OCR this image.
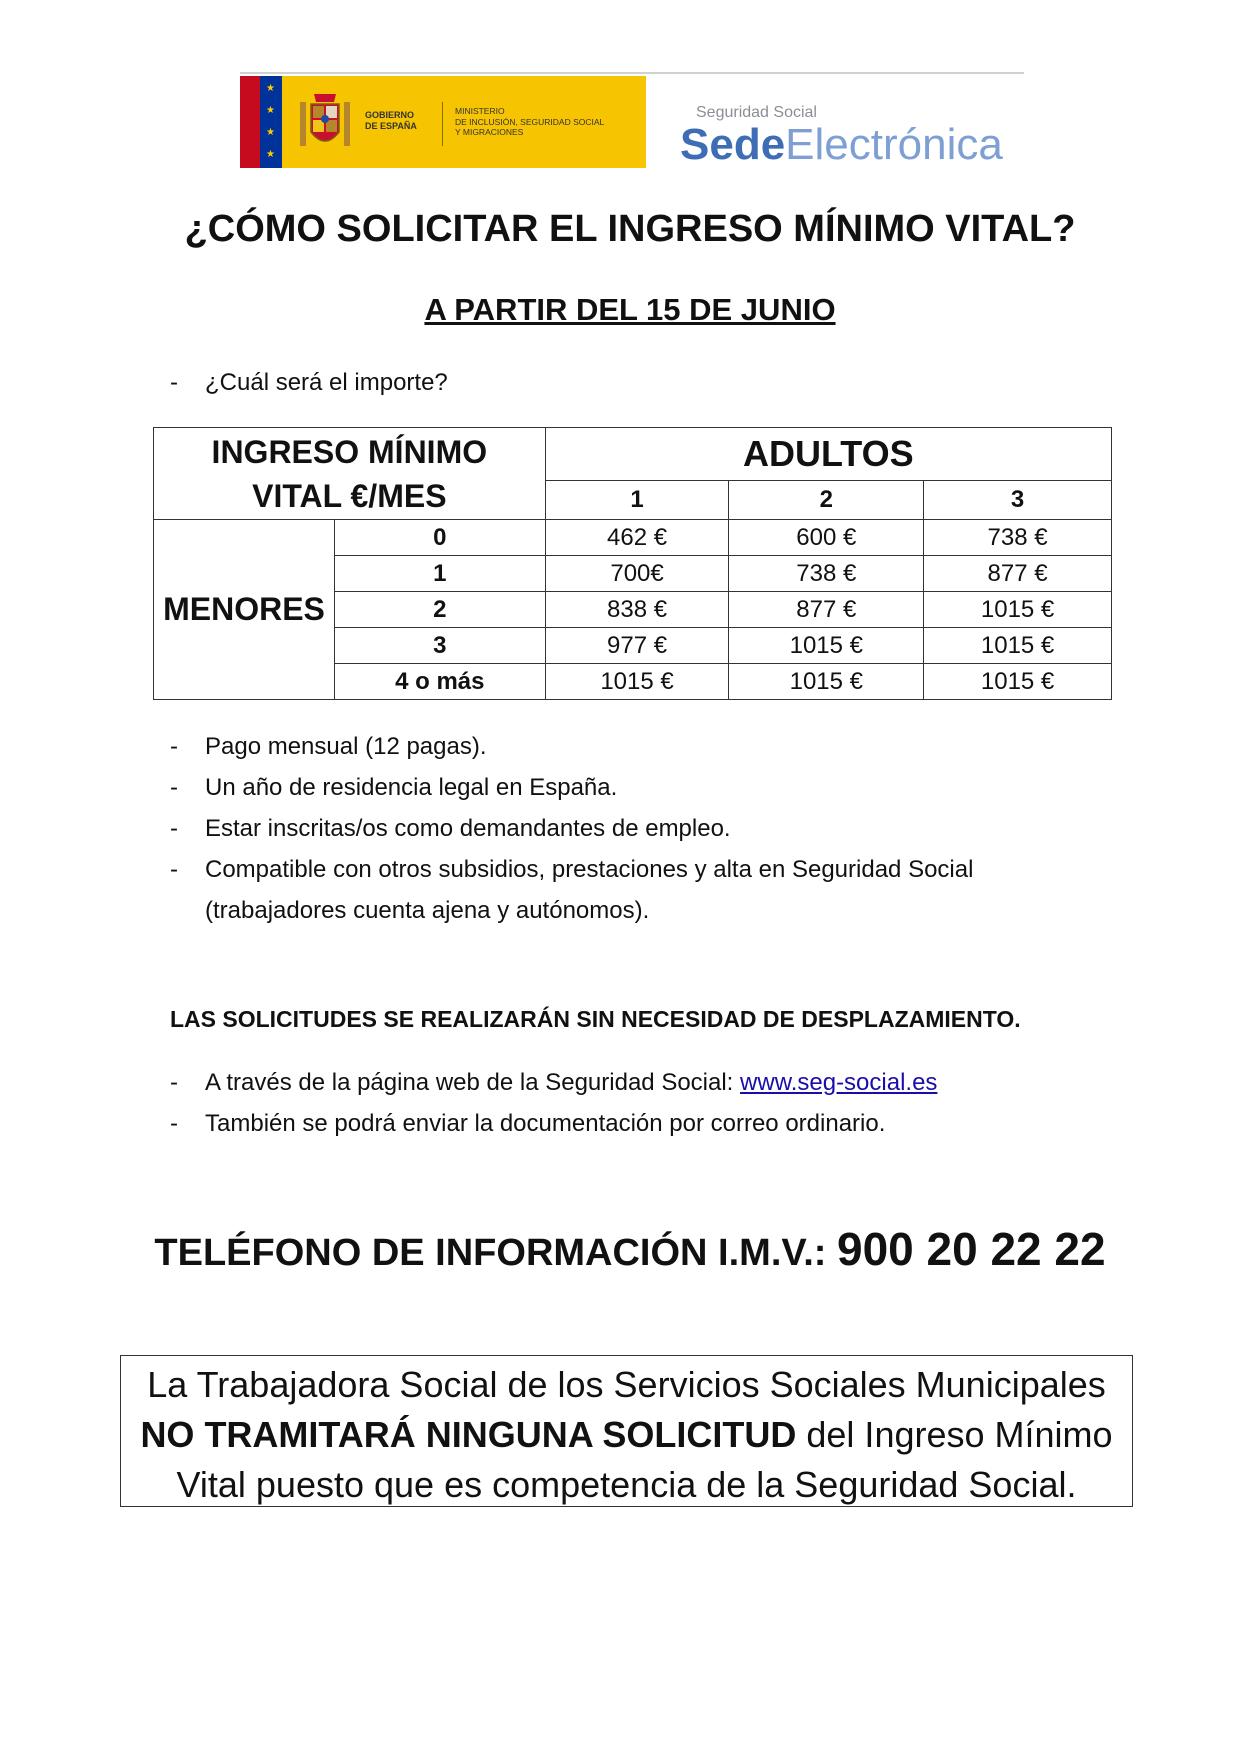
★
★
★
★
GOBIERNO
DE ESPAÑA
MINISTERIO
DE INCLUSIÓN, SEGURIDAD SOCIAL
Y MIGRACIONES
Seguridad Social
SedeElectrónica
¿CÓMO SOLICITAR EL INGRESO MÍNIMO VITAL?
A PARTIR DEL 15 DE JUNIO
- ¿Cuál será el importe?
INGRESO MÍNIMO
VITAL €/MES		ADULTOS		
		1	2	3
MENORES	0	462 €	600 €	738 €
	1	700€	738 €	877 €
	2	838 €	877 €	1015 €
	3	977 €	1015 €	1015 €
	4 o más	1015 €	1015 €	1015 €
- Pago mensual (12 pagas).
- Un año de residencia legal en España.
- Estar inscritas/os como demandantes de empleo.
- Compatible con otros subsidios, prestaciones y alta en Seguridad Social
(trabajadores cuenta ajena y autónomos).
LAS SOLICITUDES SE REALIZARÁN SIN NECESIDAD DE DESPLAZAMIENTO.
- A través de la página web de la Seguridad Social: www.seg-social.es
- También se podrá enviar la documentación por correo ordinario.
TELÉFONO DE INFORMACIÓN I.M.V.: 900 20 22 22
La Trabajadora Social de los Servicios Sociales Municipales
NO TRAMITARÁ NINGUNA SOLICITUD del Ingreso Mínimo
Vital puesto que es competencia de la Seguridad Social.
